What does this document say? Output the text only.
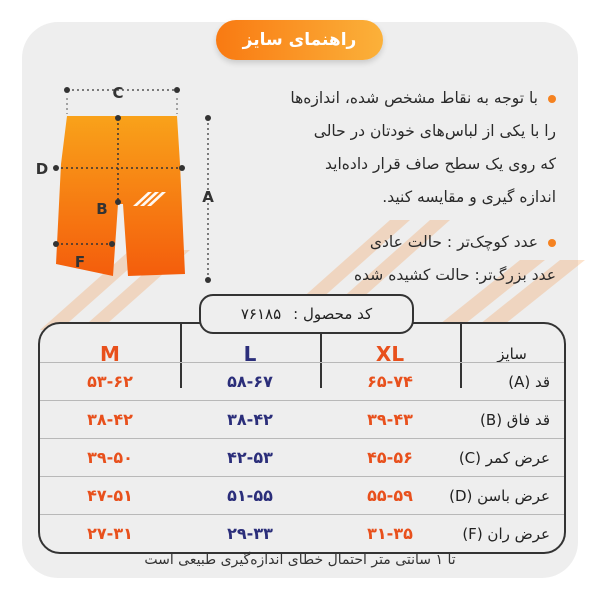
راهنمای سایز
C
A
B
D
F
با توجه به نقاط مشخص شده، اندازه‌ها
را با یکی از لباس‌های خودتان در حالی
که روی یک سطح صاف قرار داده‌اید
اندازه گیری و مقایسه کنید.
عدد کوچک‌تر : حالت عادی
عدد بزرگ‌تر: حالت کشیده شده
سایز
XL
L
M
قد (A)
۶۵-۷۴
۵۸-۶۷
۵۳-۶۲
قد فاق (B)
۳۹-۴۳
۳۸-۴۲
۳۸-۴۲
عرض کمر (C)
۴۵-۵۶
۴۲-۵۳
۳۹-۵۰
عرض باسن (D)
۵۵-۵۹
۵۱-۵۵
۴۷-۵۱
عرض ران (F)
۳۱-۳۵
۲۹-۳۳
۲۷-۳۱
کد محصول :
۷۶۱۸۵
تا ۱ سانتی متر احتمال خطای اندازه‌گیری طبیعی است
